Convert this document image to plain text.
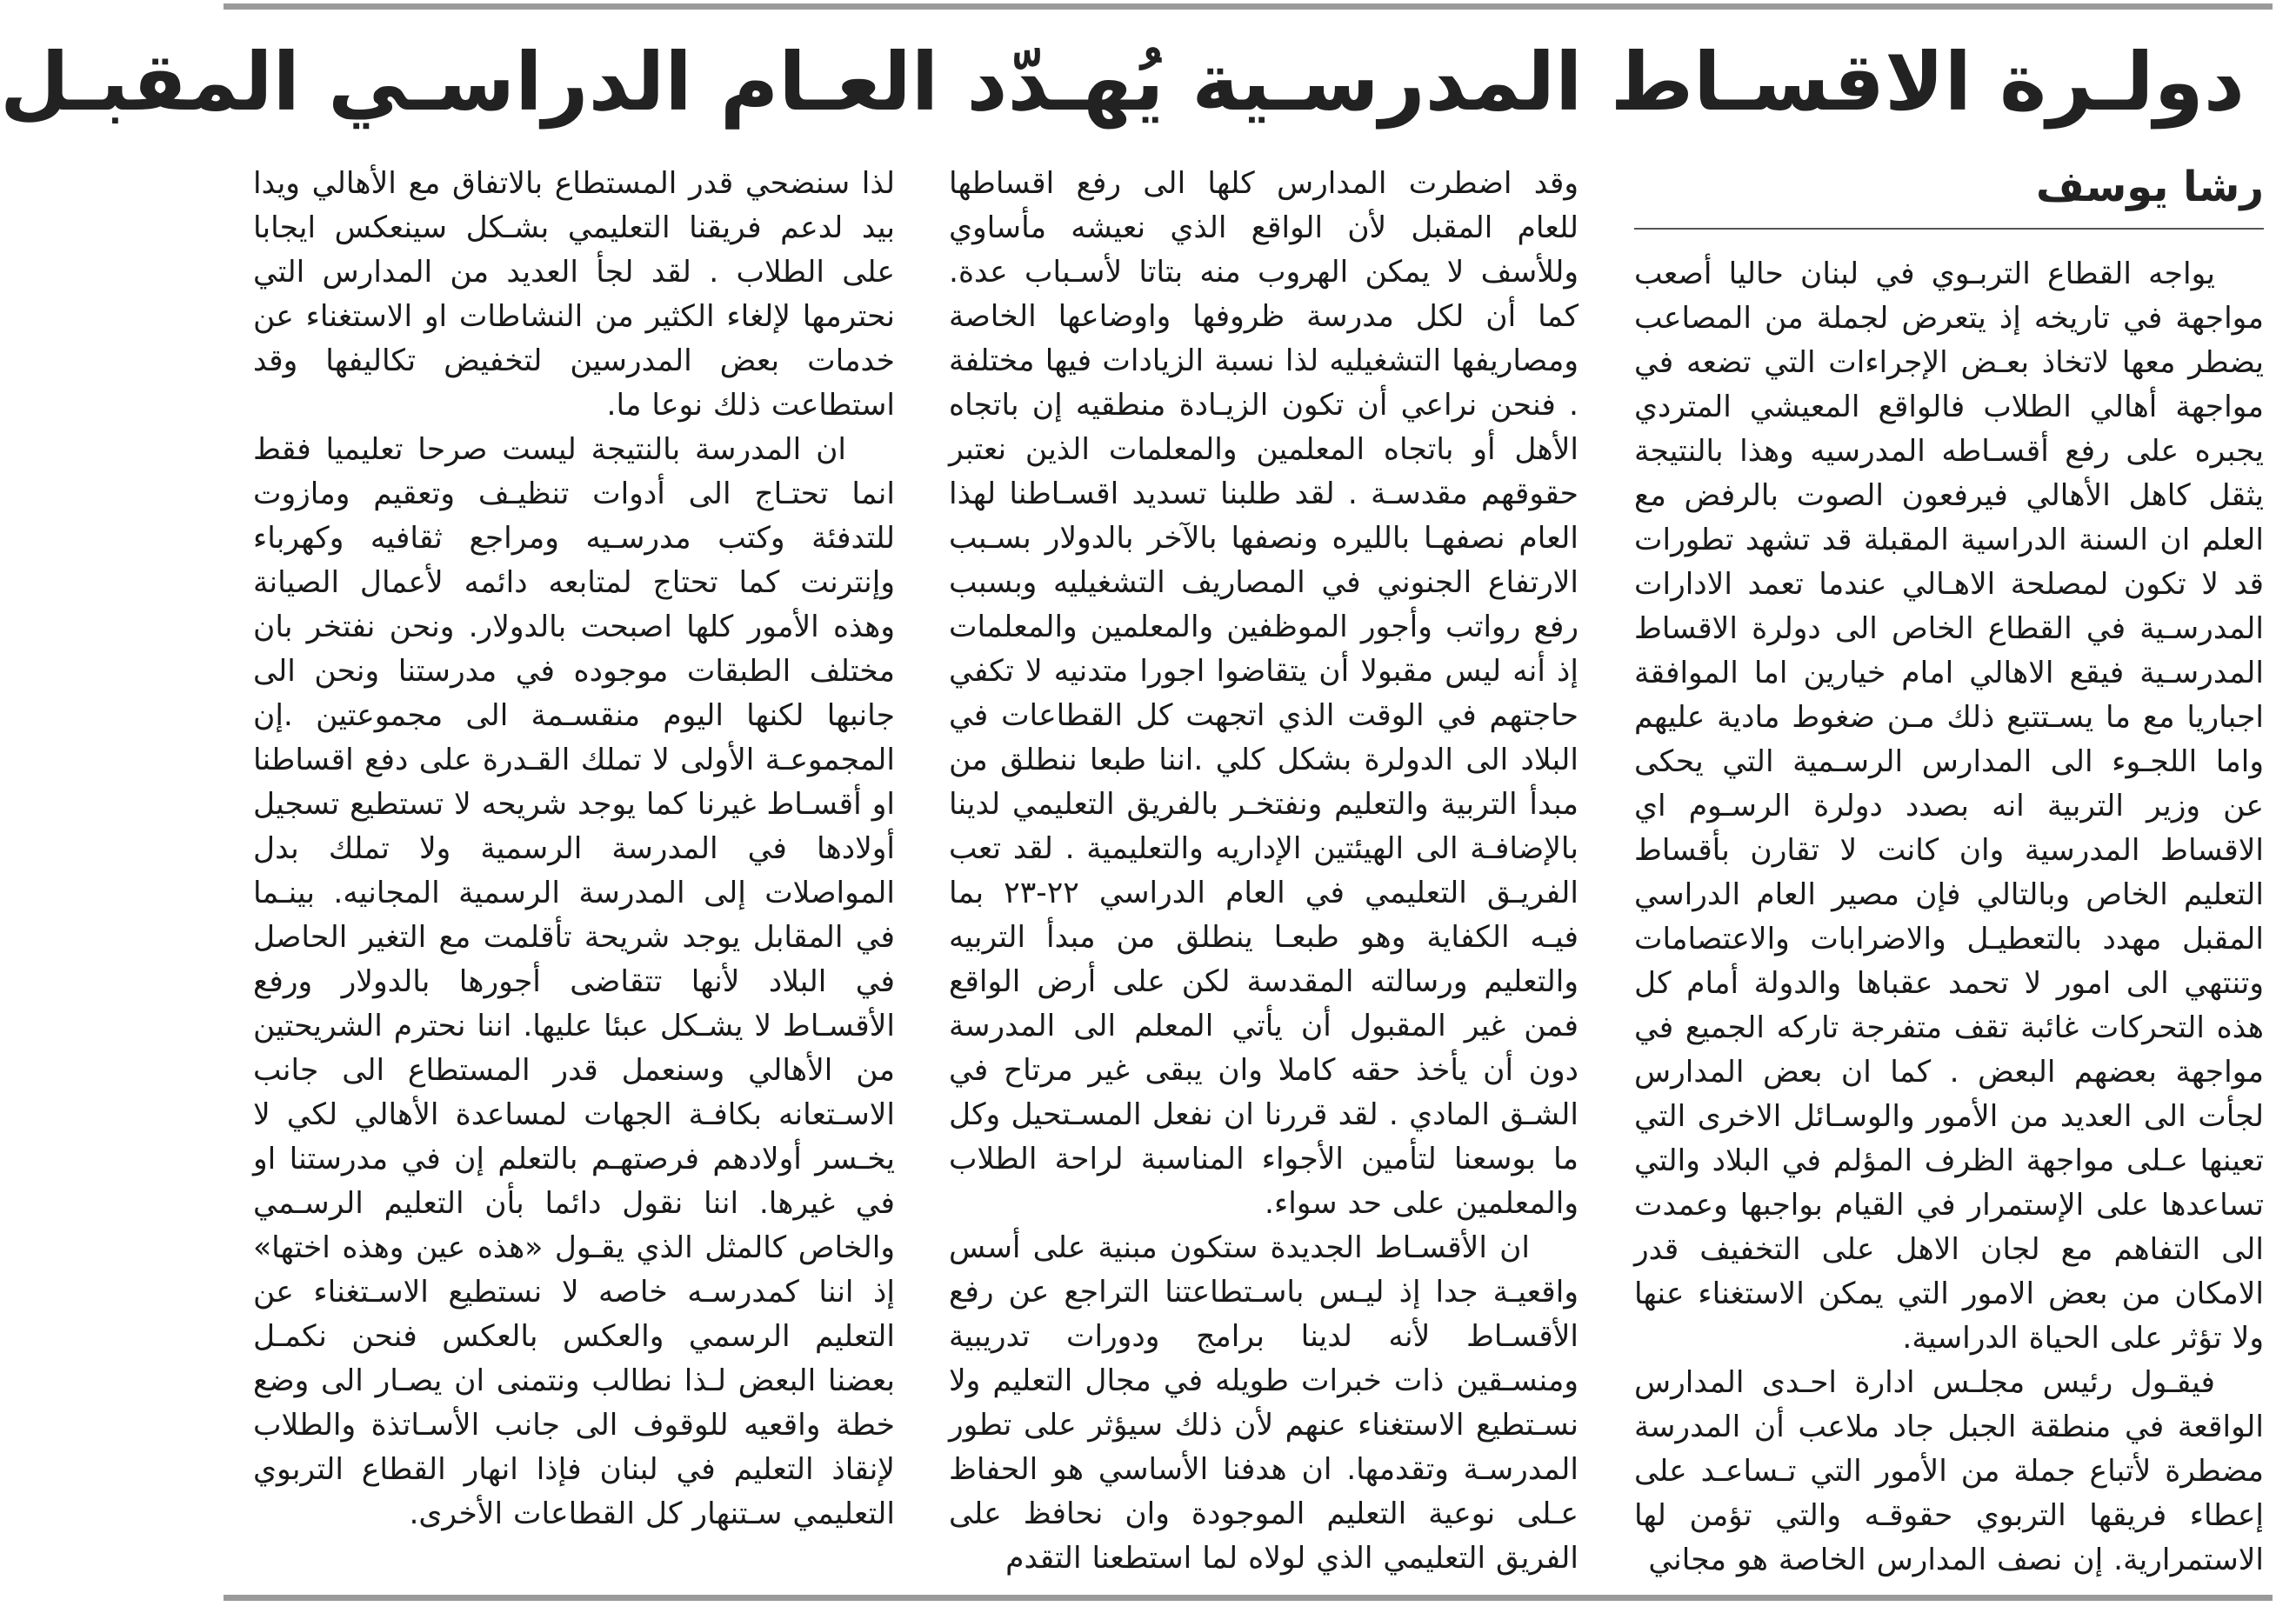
دولـرة الاقسـاط المدرسـية يُهـدّد العـام الدراسـي المقبـل
رشا يوسف

يواجه القطاع التربـوي في لبنان حاليا أصعب مواجهة في تاريخه إذ يتعرض لجملة من المصاعب يضطر معها لاتخاذ بعـض الإجراءات التي تضعه في مواجهة أهالي الطلاب فالواقع المعيشي المتردي يجبره على رفع أقسـاطه المدرسيه وهذا بالنتيجة يثقل كاهل الأهالي فيرفعون الصوت بالرفض مع العلم ان السنة الدراسية المقبلة قد تشهد تطورات قد لا تكون لمصلحة الاهـالي عندما تعمد الادارات المدرسـية في القطاع الخاص الى دولرة الاقساط المدرسـية فيقع الاهالي امام خيارين اما الموافقة اجباريا مع ما يسـتتبع ذلك مـن ضغوط مادية عليهم واما اللجـوء الى المدارس الرسـمية التي يحكى عن وزير التربية انه بصدد دولرة الرسـوم اي الاقساط المدرسية وان كانت لا تقارن بأقساط التعليم الخاص وبالتالي فإن مصير العام الدراسي المقبل مهدد بالتعطيـل والاضرابات والاعتصامات وتنتهي الى امور لا تحمد عقباها والدولة أمام كل هذه التحركات غائبة تقف متفرجة تاركه الجميع في مواجهة بعضهم البعض . كما ان بعض المدارس لجأت الى العديد من الأمور والوسـائل الاخرى التي تعينها عـلى مواجهة الظرف المؤلم في البلاد والتي تساعدها على الإستمرار في القيام بواجبها وعمدت الى التفاهم مع لجان الاهل على التخفيف قدر الامكان من بعض الامور التي يمكن الاستغناء عنها ولا تؤثر على الحياة الدراسية.

فيقـول رئيس مجلـس ادارة احـدى المدارس الواقعة في منطقة الجبل جاد ملاعب أن المدرسة مضطرة لأتباع جملة من الأمور التي تـساعـد على إعطاء فريقها التربوي حقوقـه والتي تؤمن لها الاستمرارية. إن نصف المدارس الخاصة هو مجاني

وقد اضطرت المدارس كلها الى رفع اقساطها للعام المقبل لأن الواقع الذي نعيشه مأساوي وللأسف لا يمكن الهروب منه بتاتا لأسـباب عدة. كما أن لكل مدرسة ظروفها واوضاعها الخاصة ومصاريفها التشغيليه لذا نسبة الزيادات فيها مختلفة . فنحن نراعي أن تكون الزيـادة منطقيه إن باتجاه الأهل أو باتجاه المعلمين والمعلمات الذين نعتبر حقوقهم مقدسـة . لقد طلبنا تسديد اقسـاطنا لهذا العام نصفهـا بالليره ونصفها بالآخر بالدولار بسـبب الارتفاع الجنوني في المصاريف التشغيليه وبسبب رفع رواتب وأجور الموظفين والمعلمين والمعلمات إذ أنه ليس مقبولا أن يتقاضوا اجورا متدنيه لا تكفي حاجتهم في الوقت الذي اتجهت كل القطاعات في البلاد الى الدولرة بشكل كلي .اننا طبعا ننطلق من مبدأ التربية والتعليم ونفتخـر بالفريق التعليمي لدينا بالإضافـة الى الهيئتين الإداريه والتعليمية . لقد تعب الفريـق التعليمي في العام الدراسي ٢٢-٢٣ بما فيـه الكفاية وهو طبعـا ينطلق من مبدأ التربيه والتعليم ورسالته المقدسة لكن على أرض الواقع فمن غير المقبول أن يأتي المعلم الى المدرسة دون أن يأخذ حقه كاملا وان يبقى غير مرتاح في الشـق المادي . لقد قررنا ان نفعل المسـتحيل وكل ما بوسعنا لتأمين الأجواء المناسبة لراحة الطلاب والمعلمين على حد سواء.

ان الأقسـاط الجديدة ستكون مبنية على أسس واقعيـة جدا إذ ليـس باسـتطاعتنا التراجع عن رفع الأقسـاط لأنه لدينا برامج ودورات تدريبية ومنسـقين ذات خبرات طويله في مجال التعليم ولا نسـتطيع الاستغناء عنهم لأن ذلك سيؤثر على تطور المدرسـة وتقدمها. ان هدفنا الأساسي هو الحفاظ عـلى نوعية التعليم الموجودة وان نحافظ على الفريق التعليمي الذي لولاه لما استطعنا التقدم

لذا سنضحي قدر المستطاع بالاتفاق مع الأهالي ويدا بيد لدعم فريقنا التعليمي بشـكل سينعكس ايجابا على الطلاب . لقد لجأ العديد من المدارس التي نحترمها لإلغاء الكثير من النشاطات او الاستغناء عن خدمات بعض المدرسين لتخفيض تكاليفها وقد استطاعت ذلك نوعا ما.

ان المدرسة بالنتيجة ليست صرحا تعليميا فقط انما تحتـاج الى أدوات تنظيـف وتعقيم ومازوت للتدفئة وكتب مدرسـيه ومراجع ثقافيه وكهرباء وإنترنت كما تحتاج لمتابعه دائمه لأعمال الصيانة وهذه الأمور كلها اصبحت بالدولار. ونحن نفتخر بان مختلف الطبقات موجوده في مدرستنا ونحن الى جانبها لكنها اليوم منقسـمة الى مجموعتين .إن المجموعـة الأولى لا تملك القـدرة على دفع اقساطنا او أقسـاط غيرنا كما يوجد شريحه لا تستطيع تسجيل أولادها في المدرسة الرسمية ولا تملك بدل المواصلات إلى المدرسة الرسمية المجانيه. بينـما في المقابل يوجد شريحة تأقلمت مع التغير الحاصل في البلاد لأنها تتقاضى أجورها بالدولار ورفع الأقسـاط لا يشـكل عبئا عليها. اننا نحترم الشريحتين من الأهالي وسنعمل قدر المستطاع الى جانب الاسـتعانه بكافـة الجهات لمساعدة الأهالي لكي لا يخـسر أولادهم فرصتهـم بالتعلم إن في مدرستنا او في غيرها. اننا نقول دائما بأن التعليم الرسـمي والخاص كالمثل الذي يقـول «هذه عين وهذه اختها» إذ اننا كمدرسـه خاصه لا نستطيع الاسـتغناء عن التعليم الرسمي والعكس بالعكس فنحن نكمـل بعضنا البعض لـذا نطالب ونتمنى ان يصـار الى وضع خطة واقعيه للوقوف الى جانب الأسـاتذة والطلاب لإنقاذ التعليم في لبنان فإذا انهار القطاع التربوي التعليمي سـتنهار كل القطاعات الأخرى.
